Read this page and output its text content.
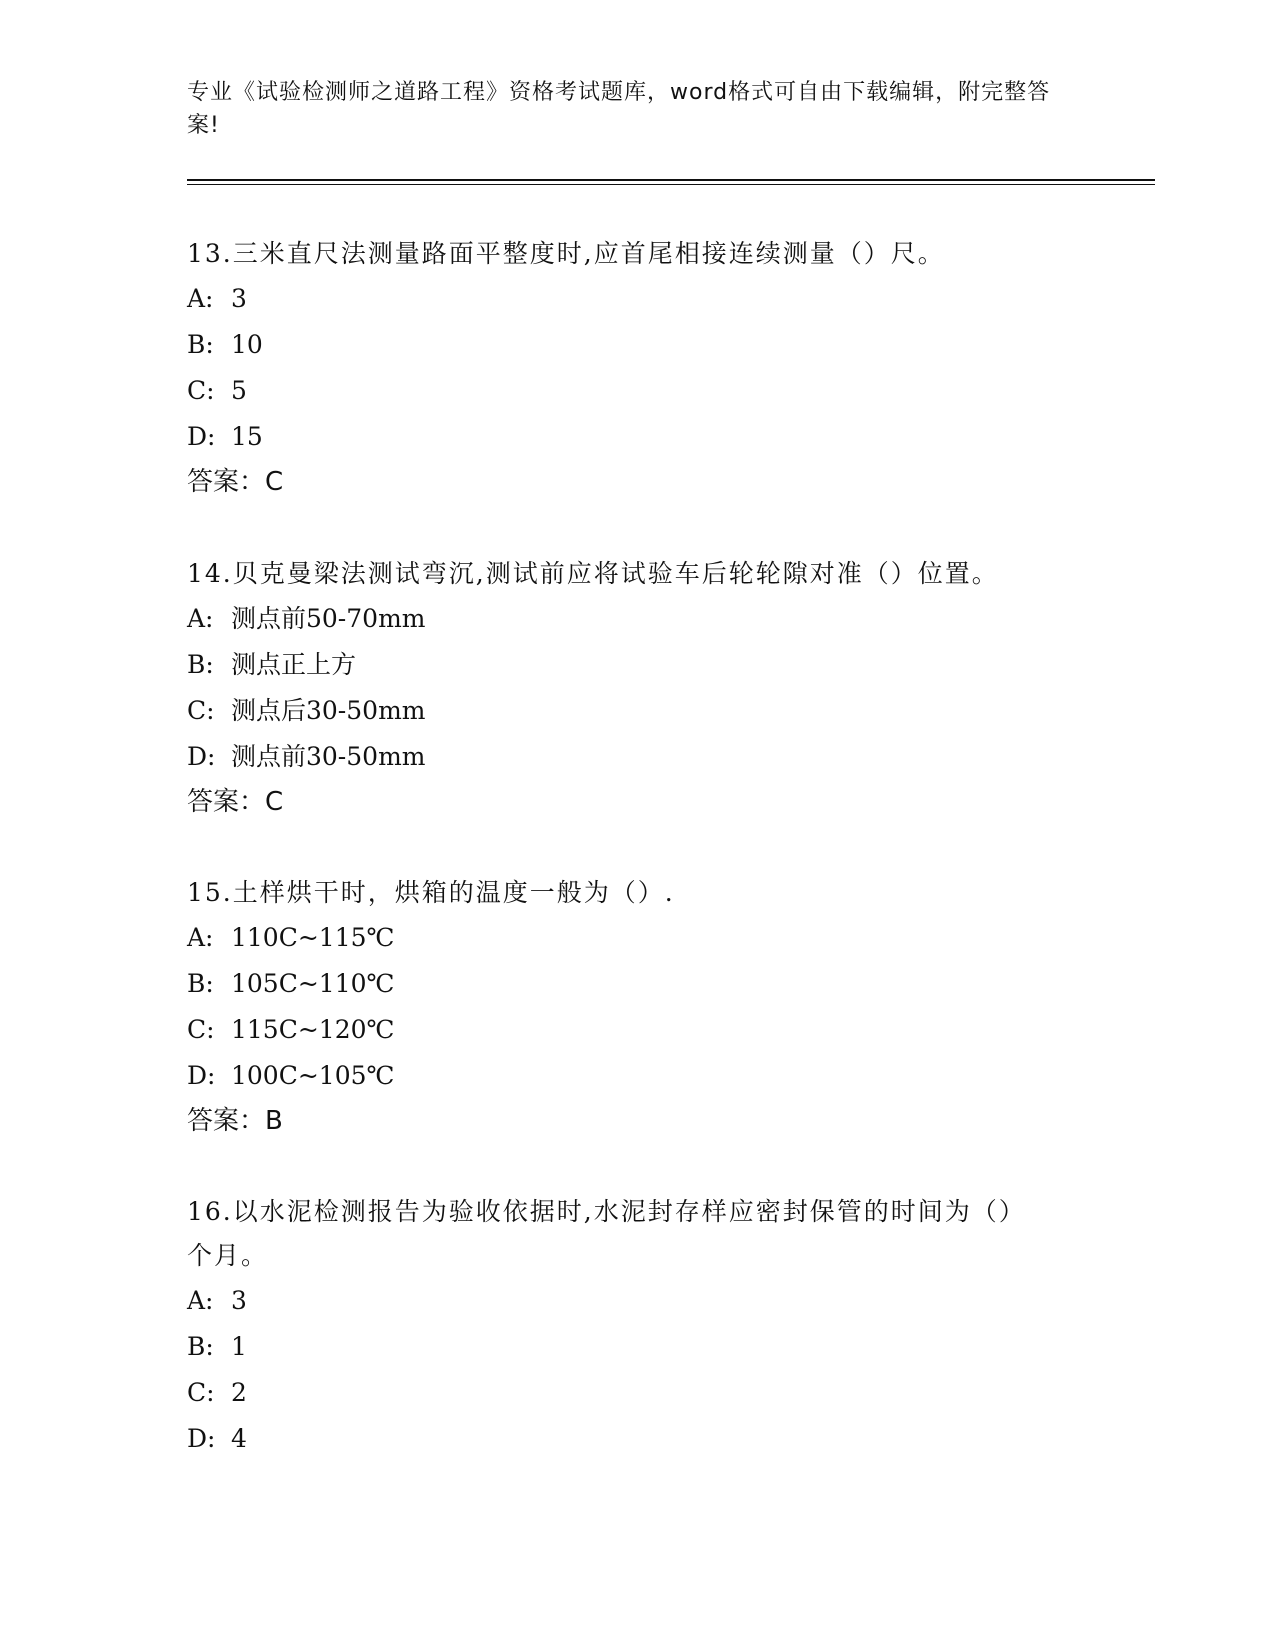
专业《试验检测师之道路工程》资格考试题库，word格式可自由下载编辑，附完整答案!

13.三米直尺法测量路面平整度时,应首尾相接连续测量（）尺。

A: 3

B: 10

C: 5

D: 15

答案：C

14.贝克曼梁法测试弯沉,测试前应将试验车后轮轮隙对准（）位置。

A: 测点前50-70mm

B: 测点正上方

C: 测点后30-50mm

D: 测点前30-50mm

答案：C

15.土样烘干时，烘箱的温度一般为（）.

A: 110C~115℃

B: 105C~110℃

C: 115C~120℃

D: 100C~105℃

答案：B

16.以水泥检测报告为验收依据时,水泥封存样应密封保管的时间为（）个月。

A: 3

B: 1

C: 2

D: 4
